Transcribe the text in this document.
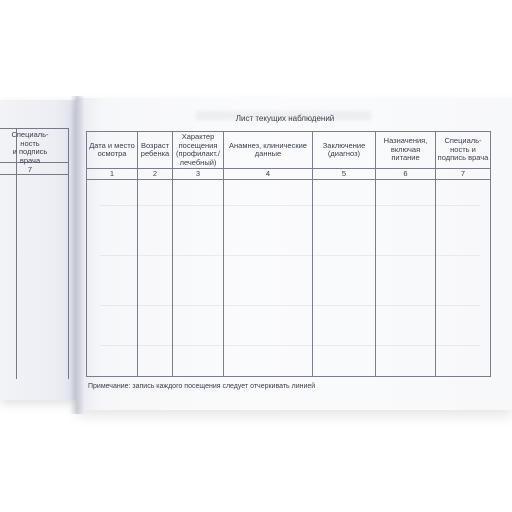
Специаль-
ность
и подпись
врача
7
Лист текущих наблюдений
Дата и место осмотра	Возраст ребенка	Характер посещения (профилакт./ лечебный)	Анамнез, клинические данные	Заключение (диагноз)	Назначения, включая питание	Специаль-ность и подпись врача
1	2	3	4	5	6	7

Примечание: запись каждого посещения следует отчеркивать линией
